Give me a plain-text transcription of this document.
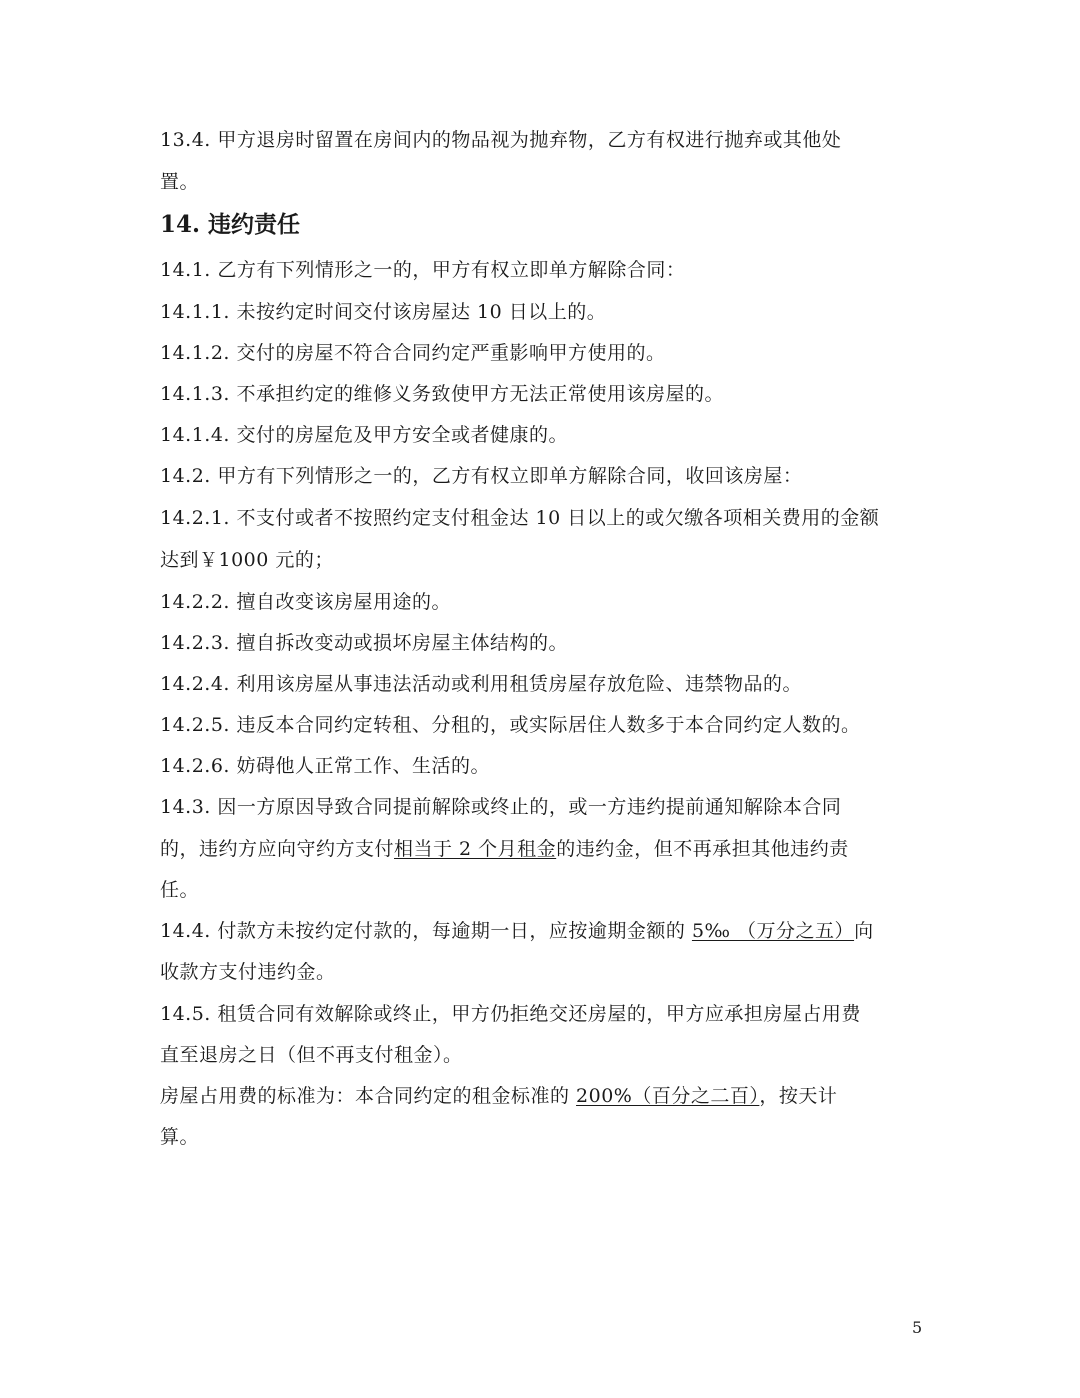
13.4. 甲方退房时留置在房间内的物品视为抛弃物，乙方有权进行抛弃或其他处
置。
14. 违约责任
14.1. 乙方有下列情形之一的，甲方有权立即单方解除合同：
14.1.1. 未按约定时间交付该房屋达 10 日以上的。
14.1.2. 交付的房屋不符合合同约定严重影响甲方使用的。
14.1.3. 不承担约定的维修义务致使甲方无法正常使用该房屋的。
14.1.4. 交付的房屋危及甲方安全或者健康的。
14.2. 甲方有下列情形之一的，乙方有权立即单方解除合同，收回该房屋：
14.2.1. 不支付或者不按照约定支付租金达 10 日以上的或欠缴各项相关费用的金额
达到￥1000 元的；
14.2.2. 擅自改变该房屋用途的。
14.2.3. 擅自拆改变动或损坏房屋主体结构的。
14.2.4. 利用该房屋从事违法活动或利用租赁房屋存放危险、违禁物品的。
14.2.5. 违反本合同约定转租、分租的，或实际居住人数多于本合同约定人数的。
14.2.6. 妨碍他人正常工作、生活的。
14.3. 因一方原因导致合同提前解除或终止的，或一方违约提前通知解除本合同
的，违约方应向守约方支付相当于 2 个月租金的违约金，但不再承担其他违约责
任。
14.4. 付款方未按约定付款的，每逾期一日，应按逾期金额的 5‰ （万分之五）向
收款方支付违约金。
14.5. 租赁合同有效解除或终止，甲方仍拒绝交还房屋的，甲方应承担房屋占用费
直至退房之日（但不再支付租金）。
房屋占用费的标准为：本合同约定的租金标准的 200%（百分之二百），按天计
算。
5
